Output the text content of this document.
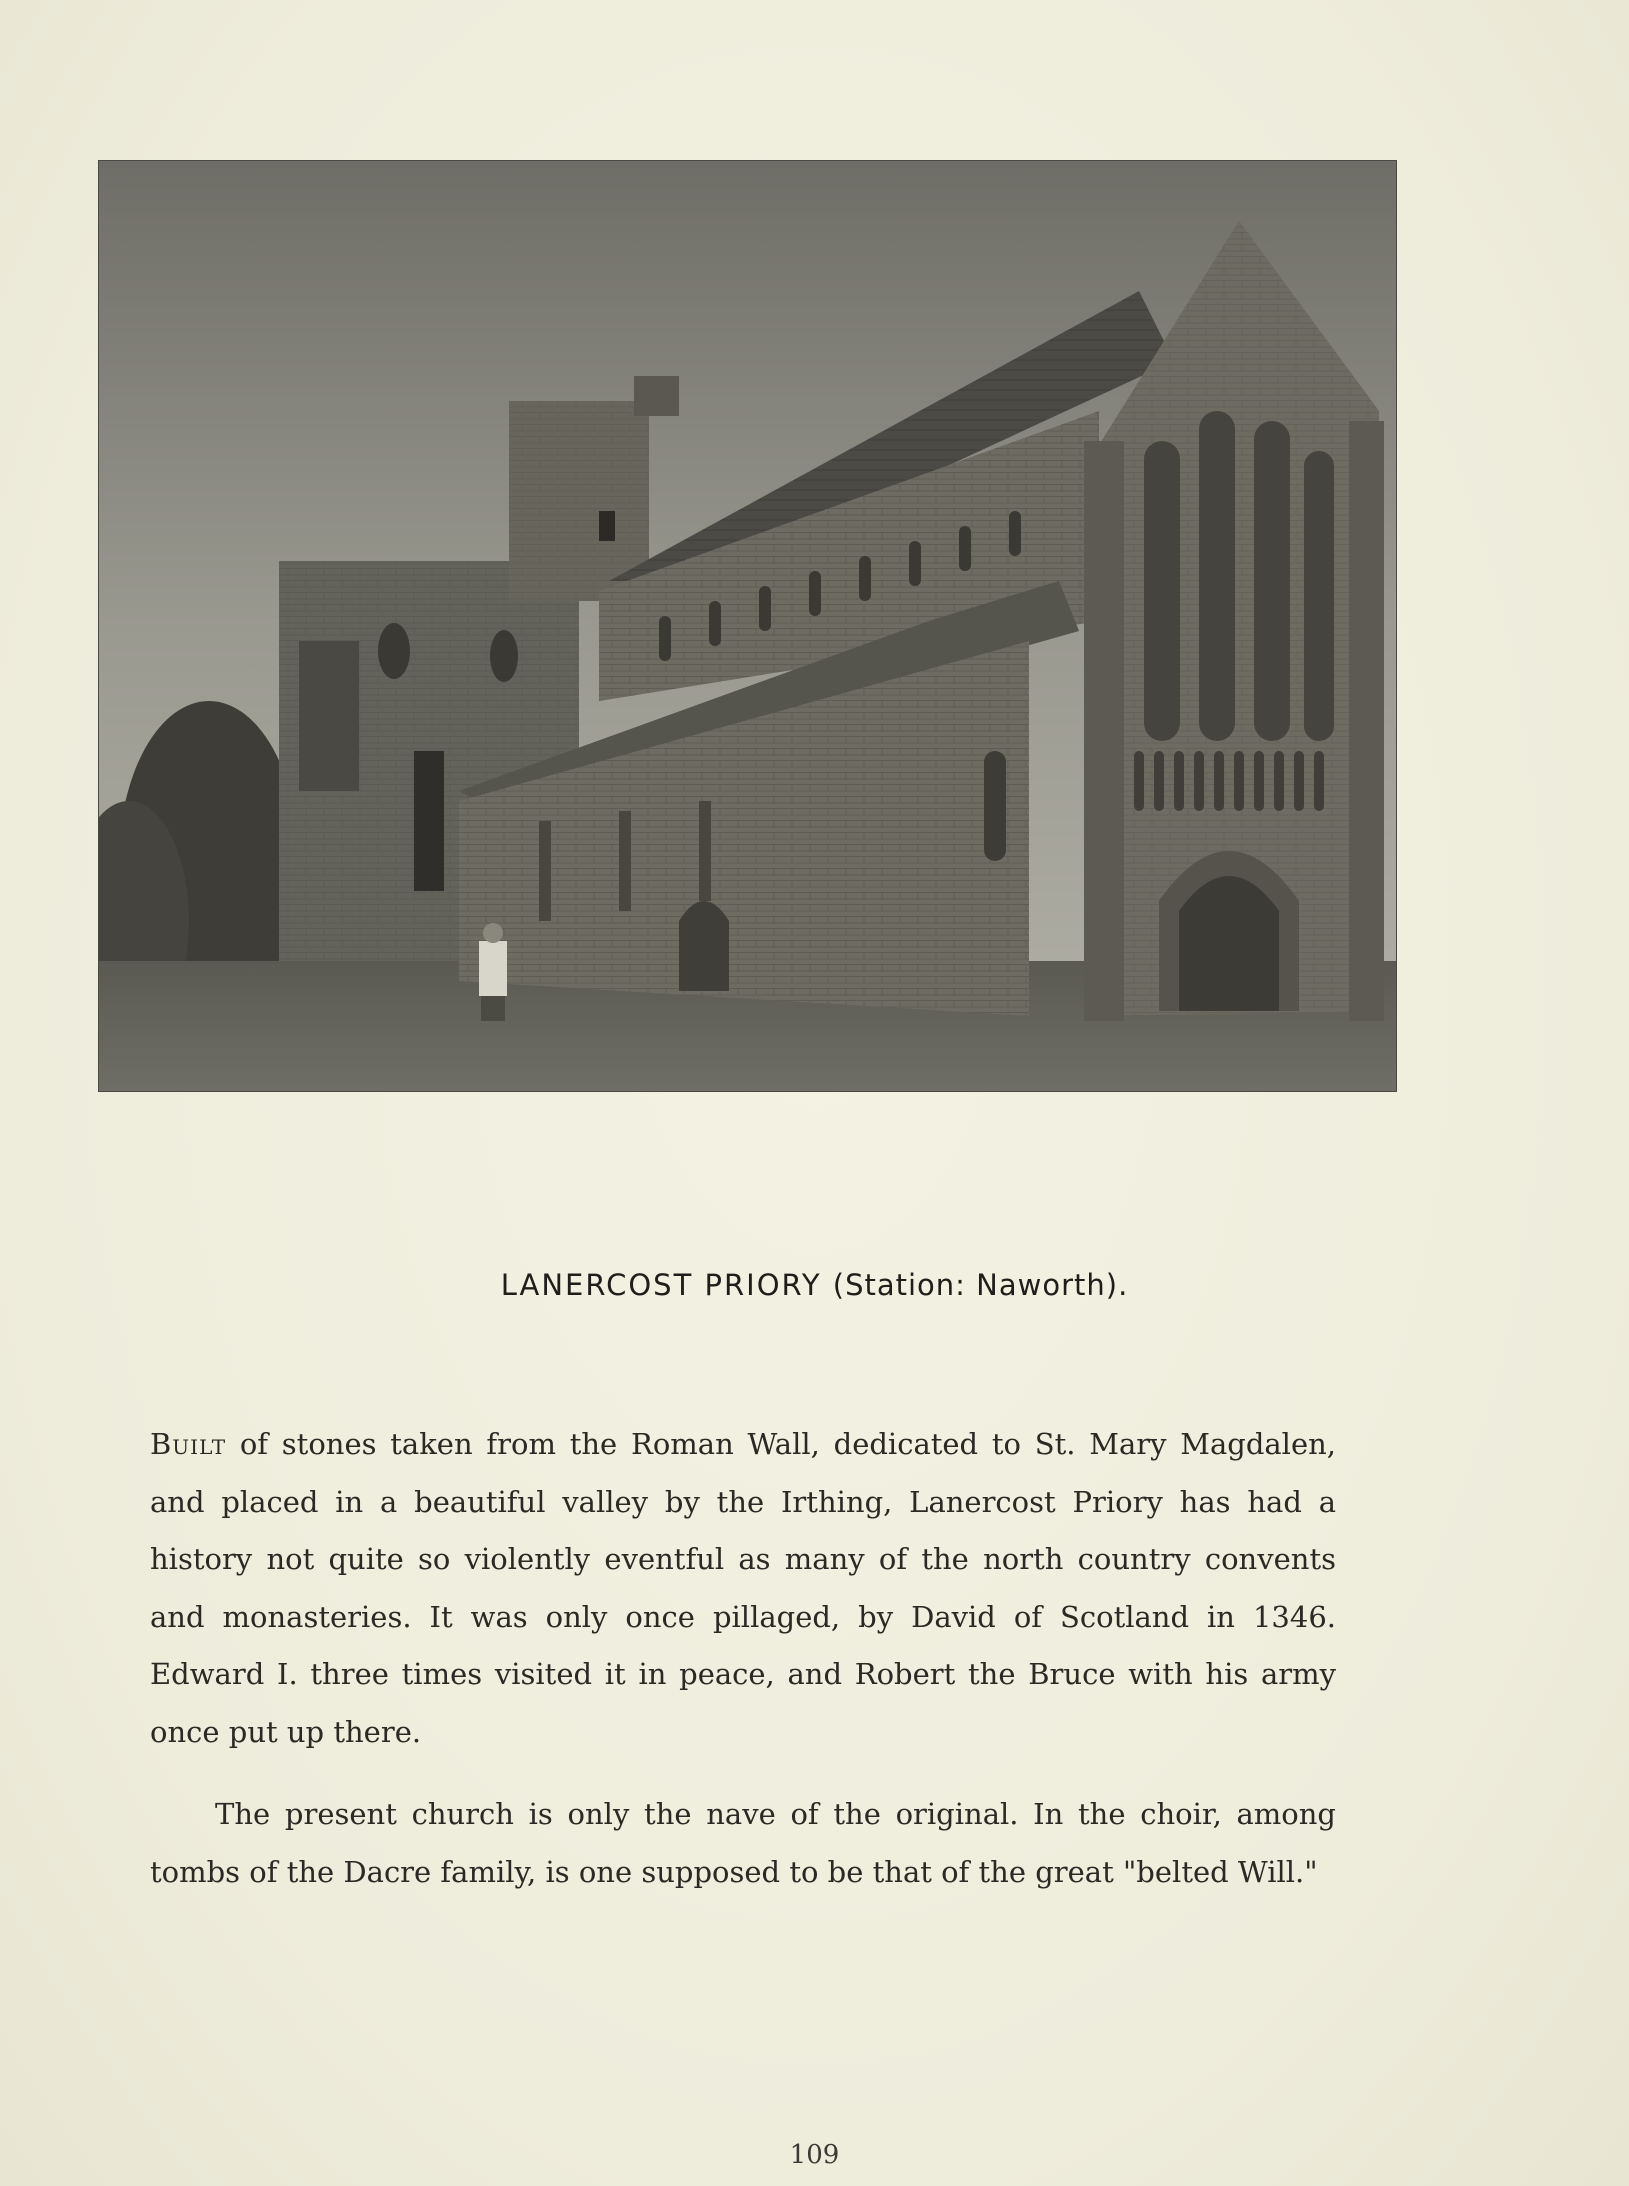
LANERCOST PRIORY (Station: Naworth).

Built of stones taken from the Roman Wall, dedicated to St. Mary Magdalen, and placed in a beautiful valley by the Irthing, Lanercost Priory has had a history not quite so violently eventful as many of the north country convents and monasteries. It was only once pillaged, by David of Scotland in 1346. Edward I. three times visited it in peace, and Robert the Bruce with his army once put up there.

The present church is only the nave of the original. In the choir, among tombs of the Dacre family, is one supposed to be that of the great "belted Will."

109
